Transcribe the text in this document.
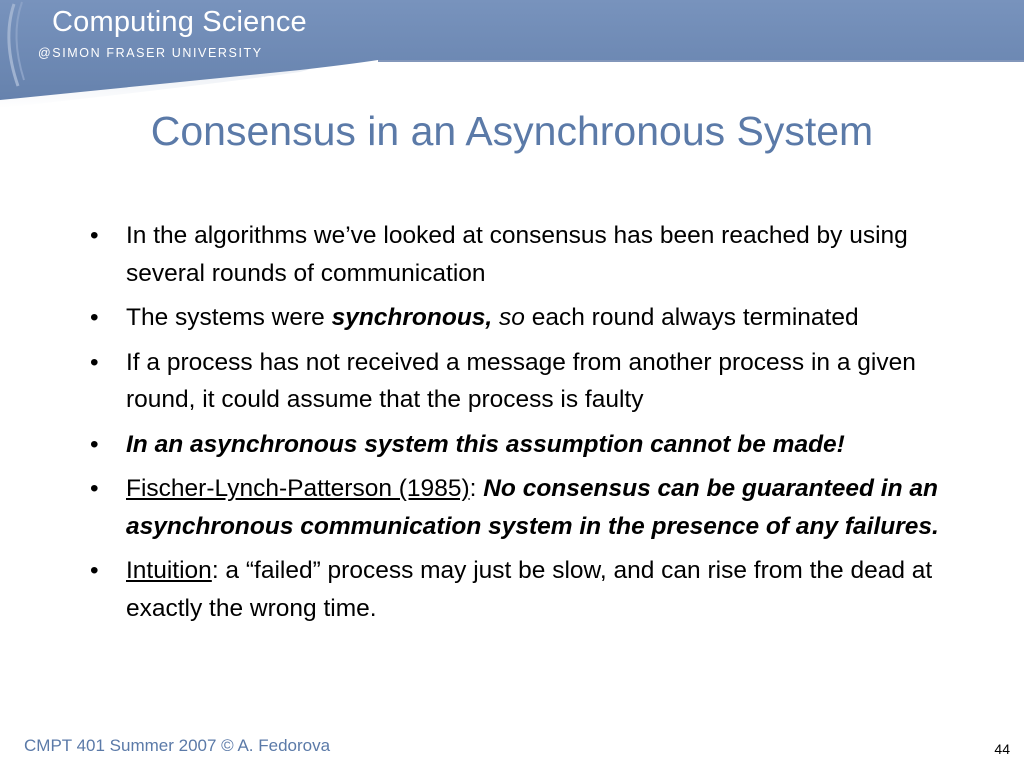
Computing Science
@SIMON FRASER UNIVERSITY
Consensus in an Asynchronous System
• In the algorithms we’ve looked at consensus has been reached by using several rounds of communication
• The systems were synchronous, so each round always terminated
• If a process has not received a message from another process in a given round, it could assume that the process is faulty
• In an asynchronous system this assumption cannot be made!
• Fischer-Lynch-Patterson (1985): No consensus can be guaranteed in an asynchronous communication system in the presence of any failures.
• Intuition: a “failed” process may just be slow, and can rise from the dead at exactly the wrong time.
CMPT 401 Summer 2007 © A. Fedorova	44
